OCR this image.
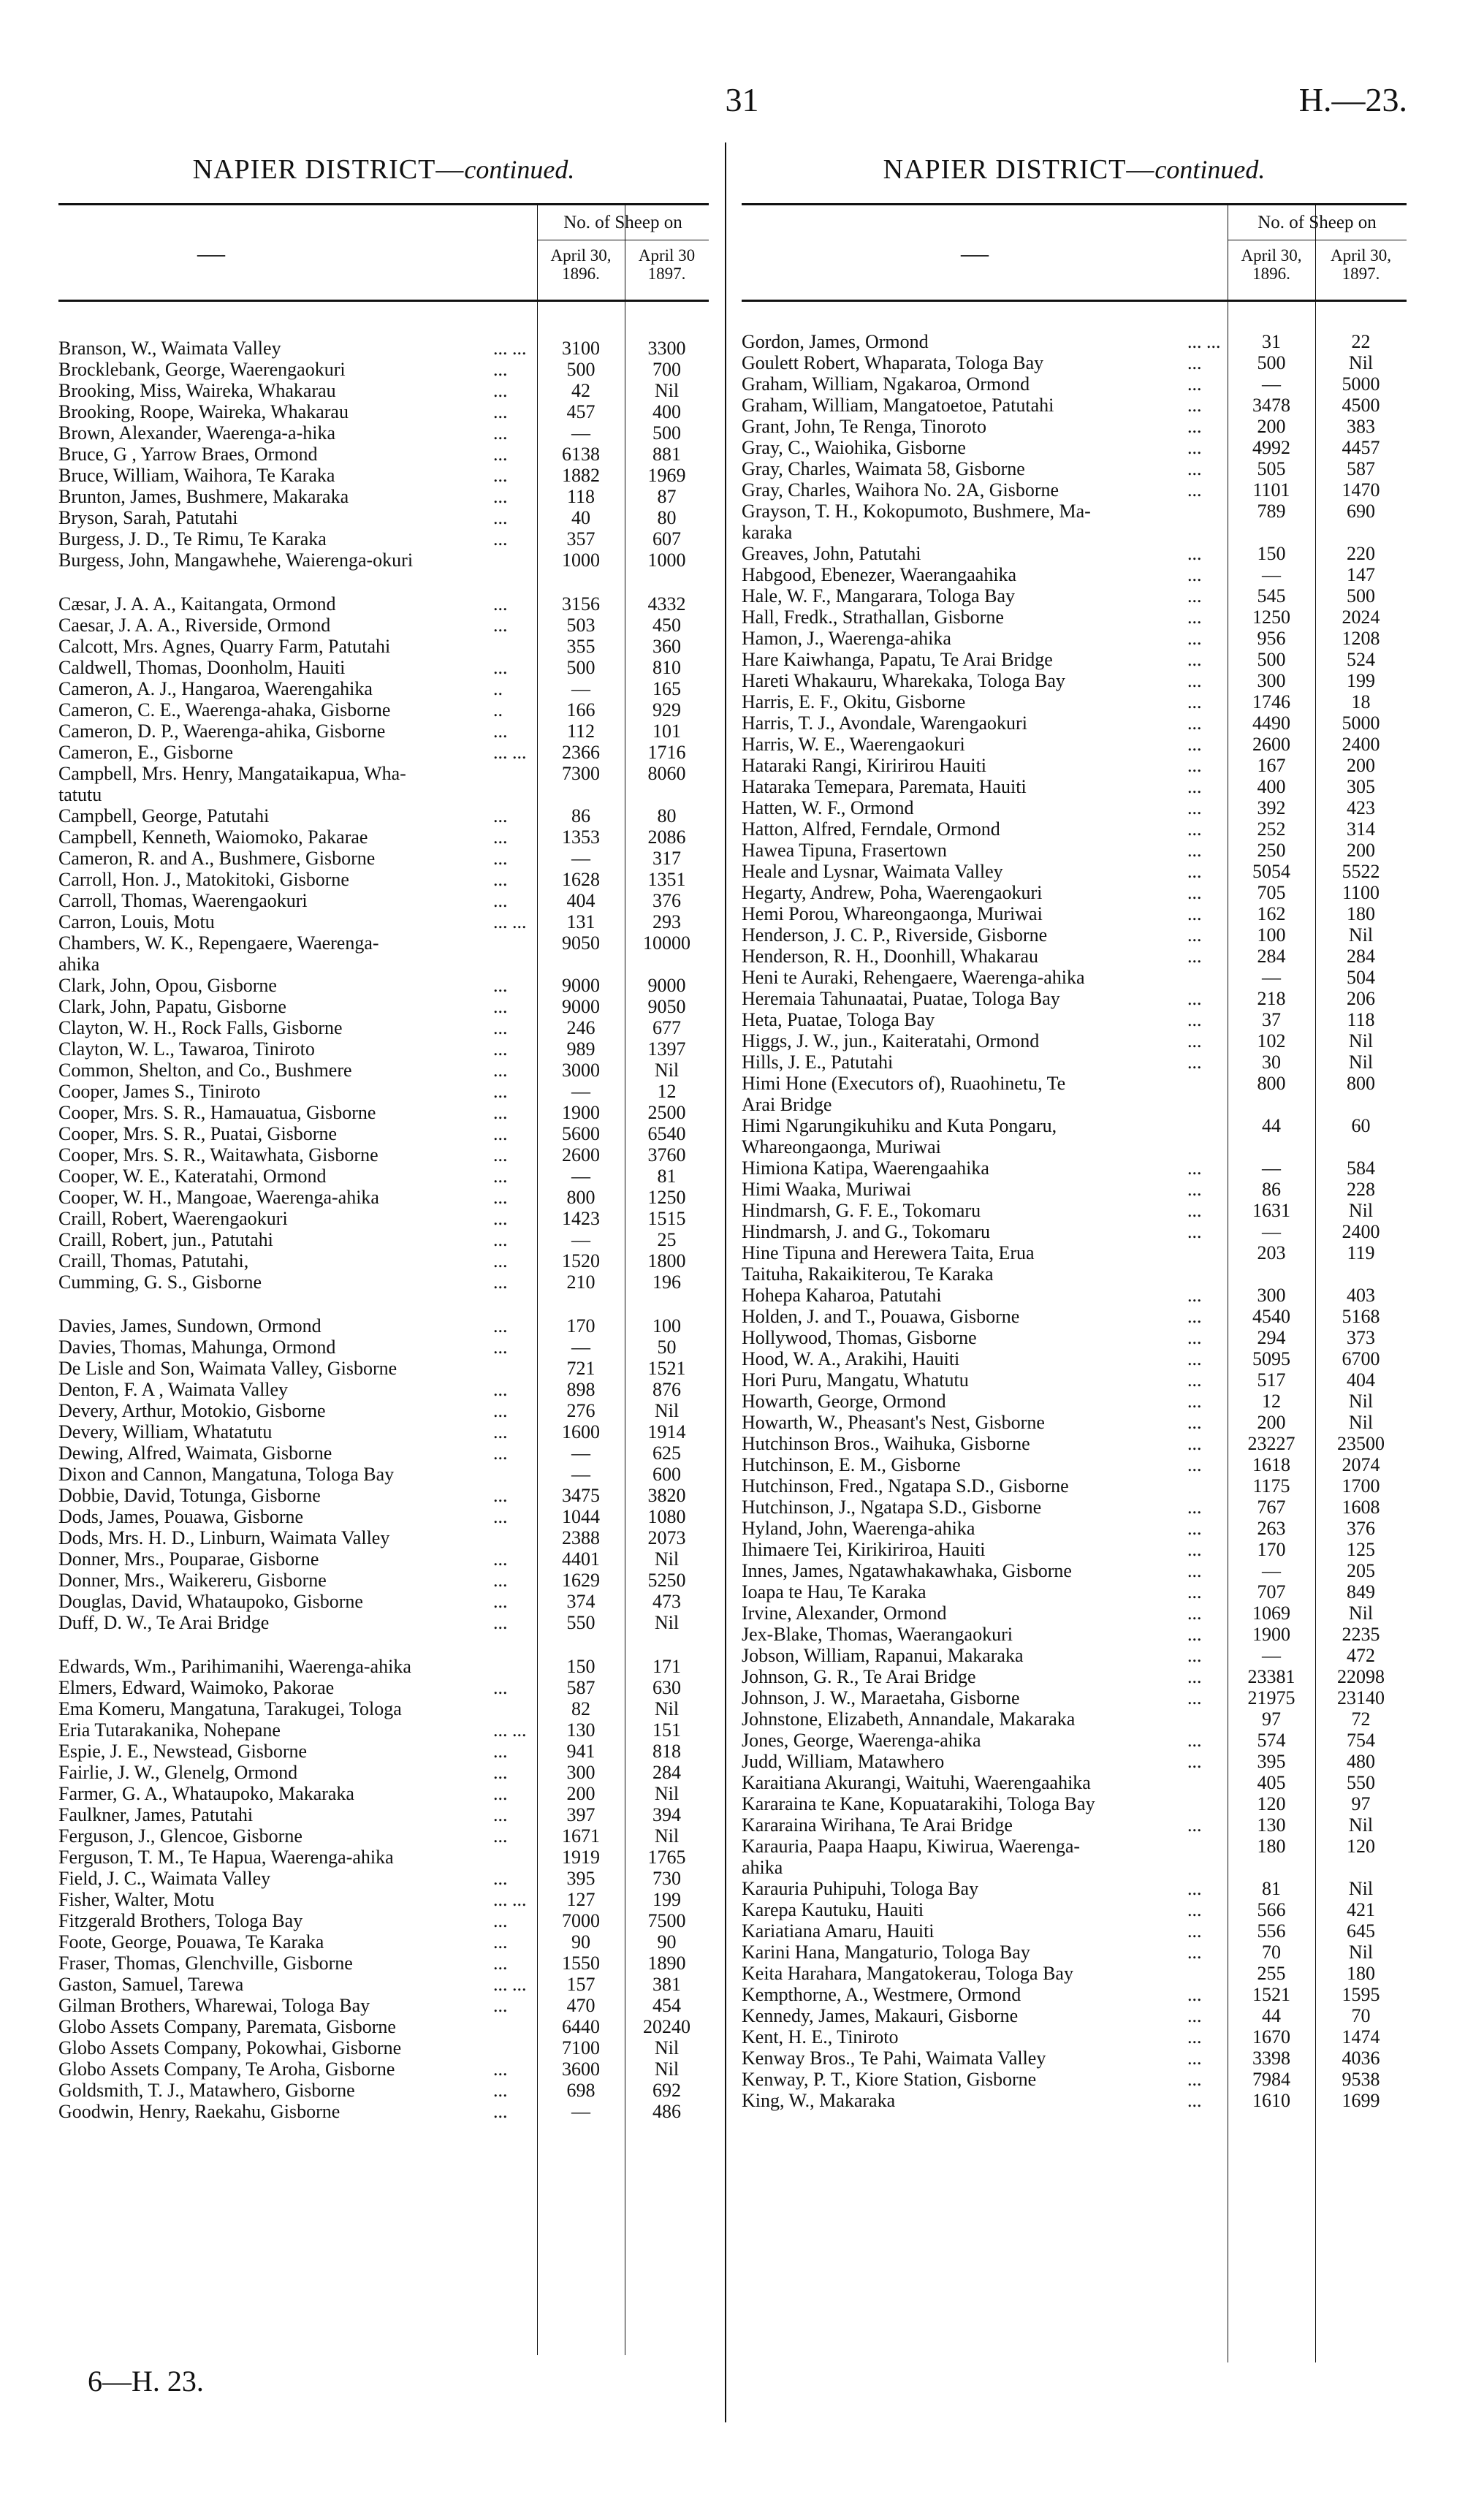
31	H.—23.
NAPIER DISTRICT—continued.
—
No. of Sheep on
April 30, 1896.
April 30 1897.
Branson, W., Waimata Valley	... ...	3100	3300
Brocklebank, George, Waerengaokuri	...	500	700
Brooking, Miss, Waireka, Whakarau	...	42	Nil
Brooking, Roope, Waireka, Whakarau	...	457	400
Brown, Alexander, Waerenga-a-hika	...	—	500
Bruce, G , Yarrow Braes, Ormond	...	6138	881
Bruce, William, Waihora, Te Karaka	...	1882	1969
Brunton, James, Bushmere, Makaraka	...	118	87
Bryson, Sarah, Patutahi	...	40	80
Burgess, J. D., Te Rimu, Te Karaka	...	357	607
Burgess, John, Mangawhehe, Waierenga-okuri	1000	1000
Cæsar, J. A. A., Kaitangata, Ormond	...	3156	4332
Caesar, J. A. A., Riverside, Ormond	...	503	450
Calcott, Mrs. Agnes, Quarry Farm, Patutahi	355	360
Caldwell, Thomas, Doonholm, Hauiti	...	500	810
Cameron, A. J., Hangaroa, Waerengahika	..	—	165
Cameron, C. E., Waerenga-ahaka, Gisborne	..	166	929
Cameron, D. P., Waerenga-ahika, Gisborne	...	112	101
Cameron, E., Gisborne	... ...	2366	1716
Campbell, Mrs. Henry, Mangataikapua, Wha-	7300	8060
tatutu
Campbell, George, Patutahi	...	86	80
Campbell, Kenneth, Waiomoko, Pakarae	...	1353	2086
Cameron, R. and A., Bushmere, Gisborne	...	—	317
Carroll, Hon. J., Matokitoki, Gisborne	...	1628	1351
Carroll, Thomas, Waerengaokuri	...	404	376
Carron, Louis, Motu	... ...	131	293
Chambers, W. K., Repengaere, Waerenga-	9050	10000
ahika
Clark, John, Opou, Gisborne	...	9000	9000
Clark, John, Papatu, Gisborne	...	9000	9050
Clayton, W. H., Rock Falls, Gisborne	...	246	677
Clayton, W. L., Tawaroa, Tiniroto	...	989	1397
Common, Shelton, and Co., Bushmere	...	3000	Nil
Cooper, James S., Tiniroto	...	—	12
Cooper, Mrs. S. R., Hamauatua, Gisborne	...	1900	2500
Cooper, Mrs. S. R., Puatai, Gisborne	...	5600	6540
Cooper, Mrs. S. R., Waitawhata, Gisborne	...	2600	3760
Cooper, W. E., Kateratahi, Ormond	...	—	81
Cooper, W. H., Mangoae, Waerenga-ahika	...	800	1250
Craill, Robert, Waerengaokuri	...	1423	1515
Craill, Robert, jun., Patutahi	...	—	25
Craill, Thomas, Patutahi,	...	1520	1800
Cumming, G. S., Gisborne	...	210	196
Davies, James, Sundown, Ormond	...	170	100
Davies, Thomas, Mahunga, Ormond	...	—	50
De Lisle and Son, Waimata Valley, Gisborne	721	1521
Denton, F. A , Waimata Valley	...	898	876
Devery, Arthur, Motokio, Gisborne	...	276	Nil
Devery, William, Whatatutu	...	1600	1914
Dewing, Alfred, Waimata, Gisborne	...	—	625
Dixon and Cannon, Mangatuna, Tologa Bay	—	600
Dobbie, David, Totunga, Gisborne	...	3475	3820
Dods, James, Pouawa, Gisborne	...	1044	1080
Dods, Mrs. H. D., Linburn, Waimata Valley	2388	2073
Donner, Mrs., Pouparae, Gisborne	...	4401	Nil
Donner, Mrs., Waikereru, Gisborne	...	1629	5250
Douglas, David, Whataupoko, Gisborne	...	374	473
Duff, D. W., Te Arai Bridge	...	550	Nil
Edwards, Wm., Parihimanihi, Waerenga-ahika	150	171
Elmers, Edward, Waimoko, Pakorae	...	587	630
Ema Komeru, Mangatuna, Tarakugei, Tologa	82	Nil
Eria Tutarakanika, Nohepane	... ...	130	151
Espie, J. E., Newstead, Gisborne	...	941	818
Fairlie, J. W., Glenelg, Ormond	...	300	284
Farmer, G. A., Whataupoko, Makaraka	...	200	Nil
Faulkner, James, Patutahi	...	397	394
Ferguson, J., Glencoe, Gisborne	...	1671	Nil
Ferguson, T. M., Te Hapua, Waerenga-ahika	1919	1765
Field, J. C., Waimata Valley	...	395	730
Fisher, Walter, Motu	... ...	127	199
Fitzgerald Brothers, Tologa Bay	...	7000	7500
Foote, George, Pouawa, Te Karaka	...	90	90
Fraser, Thomas, Glenchville, Gisborne	...	1550	1890
Gaston, Samuel, Tarewa	... ...	157	381
Gilman Brothers, Wharewai, Tologa Bay	...	470	454
Globo Assets Company, Paremata, Gisborne	6440	20240
Globo Assets Company, Pokowhai, Gisborne	7100	Nil
Globo Assets Company, Te Aroha, Gisborne	...	3600	Nil
Goldsmith, T. J., Matawhero, Gisborne	...	698	692
Goodwin, Henry, Raekahu, Gisborne	...	—	486
NAPIER DISTRICT—continued.
—
No. of Sheep on
April 30, 1896.
April 30, 1897.
Gordon, James, Ormond	... ...	31	22
Goulett Robert, Whaparata, Tologa Bay	...	500	Nil
Graham, William, Ngakaroa, Ormond	...	—	5000
Graham, William, Mangatoetoe, Patutahi	...	3478	4500
Grant, John, Te Renga, Tinoroto	...	200	383
Gray, C., Waiohika, Gisborne	...	4992	4457
Gray, Charles, Waimata 58, Gisborne	...	505	587
Gray, Charles, Waihora No. 2A, Gisborne	...	1101	1470
Grayson, T. H., Kokopumoto, Bushmere, Ma-	789	690
karaka
Greaves, John, Patutahi	...	150	220
Habgood, Ebenezer, Waerangaahika	...	—	147
Hale, W. F., Mangarara, Tologa Bay	...	545	500
Hall, Fredk., Strathallan, Gisborne	...	1250	2024
Hamon, J., Waerenga-ahika	...	956	1208
Hare Kaiwhanga, Papatu, Te Arai Bridge	...	500	524
Hareti Whakauru, Wharekaka, Tologa Bay	...	300	199
Harris, E. F., Okitu, Gisborne	...	1746	18
Harris, T. J., Avondale, Warengaokuri	...	4490	5000
Harris, W. E., Waerengaokuri	...	2600	2400
Hataraki Rangi, Kiririrou Hauiti	...	167	200
Hataraka Temepara, Paremata, Hauiti	...	400	305
Hatten, W. F., Ormond	...	392	423
Hatton, Alfred, Ferndale, Ormond	...	252	314
Hawea Tipuna, Frasertown	...	250	200
Heale and Lysnar, Waimata Valley	...	5054	5522
Hegarty, Andrew, Poha, Waerengaokuri	...	705	1100
Hemi Porou, Whareongaonga, Muriwai	...	162	180
Henderson, J. C. P., Riverside, Gisborne	...	100	Nil
Henderson, R. H., Doonhill, Whakarau	...	284	284
Heni te Auraki, Rehengaere, Waerenga-ahika	—	504
Heremaia Tahunaatai, Puatae, Tologa Bay	...	218	206
Heta, Puatae, Tologa Bay	...	37	118
Higgs, J. W., jun., Kaiteratahi, Ormond	...	102	Nil
Hills, J. E., Patutahi	...	30	Nil
Himi Hone (Executors of), Ruaohinetu, Te	800	800
Arai Bridge
Himi Ngarungikuhiku and Kuta Pongaru,	44	60
Whareongaonga, Muriwai
Himiona Katipa, Waerengaahika	...	—	584
Himi Waaka, Muriwai	...	86	228
Hindmarsh, G. F. E., Tokomaru	...	1631	Nil
Hindmarsh, J. and G., Tokomaru	...	—	2400
Hine Tipuna and Herewera Taita, Erua	203	119
Taituha, Rakaikiterou, Te Karaka
Hohepa Kaharoa, Patutahi	...	300	403
Holden, J. and T., Pouawa, Gisborne	...	4540	5168
Hollywood, Thomas, Gisborne	...	294	373
Hood, W. A., Arakihi, Hauiti	...	5095	6700
Hori Puru, Mangatu, Whatutu	...	517	404
Howarth, George, Ormond	...	12	Nil
Howarth, W., Pheasant's Nest, Gisborne	...	200	Nil
Hutchinson Bros., Waihuka, Gisborne	...	23227	23500
Hutchinson, E. M., Gisborne	...	1618	2074
Hutchinson, Fred., Ngatapa S.D., Gisborne	1175	1700
Hutchinson, J., Ngatapa S.D., Gisborne	...	767	1608
Hyland, John, Waerenga-ahika	...	263	376
Ihimaere Tei, Kirikiriroa, Hauiti	...	170	125
Innes, James, Ngatawhakawhaka, Gisborne	...	—	205
Ioapa te Hau, Te Karaka	...	707	849
Irvine, Alexander, Ormond	...	1069	Nil
Jex-Blake, Thomas, Waerangaokuri	...	1900	2235
Jobson, William, Rapanui, Makaraka	...	—	472
Johnson, G. R., Te Arai Bridge	...	23381	22098
Johnson, J. W., Maraetaha, Gisborne	...	21975	23140
Johnstone, Elizabeth, Annandale, Makaraka	97	72
Jones, George, Waerenga-ahika	...	574	754
Judd, William, Matawhero	...	395	480
Karaitiana Akurangi, Waituhi, Waerengaahika	405	550
Kararaina te Kane, Kopuatarakihi, Tologa Bay	120	97
Kararaina Wirihana, Te Arai Bridge	...	130	Nil
Karauria, Paapa Haapu, Kiwirua, Waerenga-	180	120
ahika
Karauria Puhipuhi, Tologa Bay	...	81	Nil
Karepa Kautuku, Hauiti	...	566	421
Kariatiana Amaru, Hauiti	...	556	645
Karini Hana, Mangaturio, Tologa Bay	...	70	Nil
Keita Harahara, Mangatokerau, Tologa Bay	255	180
Kempthorne, A., Westmere, Ormond	...	1521	1595
Kennedy, James, Makauri, Gisborne	...	44	70
Kent, H. E., Tiniroto	...	1670	1474
Kenway Bros., Te Pahi, Waimata Valley	...	3398	4036
Kenway, P. T., Kiore Station, Gisborne	...	7984	9538
King, W., Makaraka	...	1610	1699
6—H. 23.
